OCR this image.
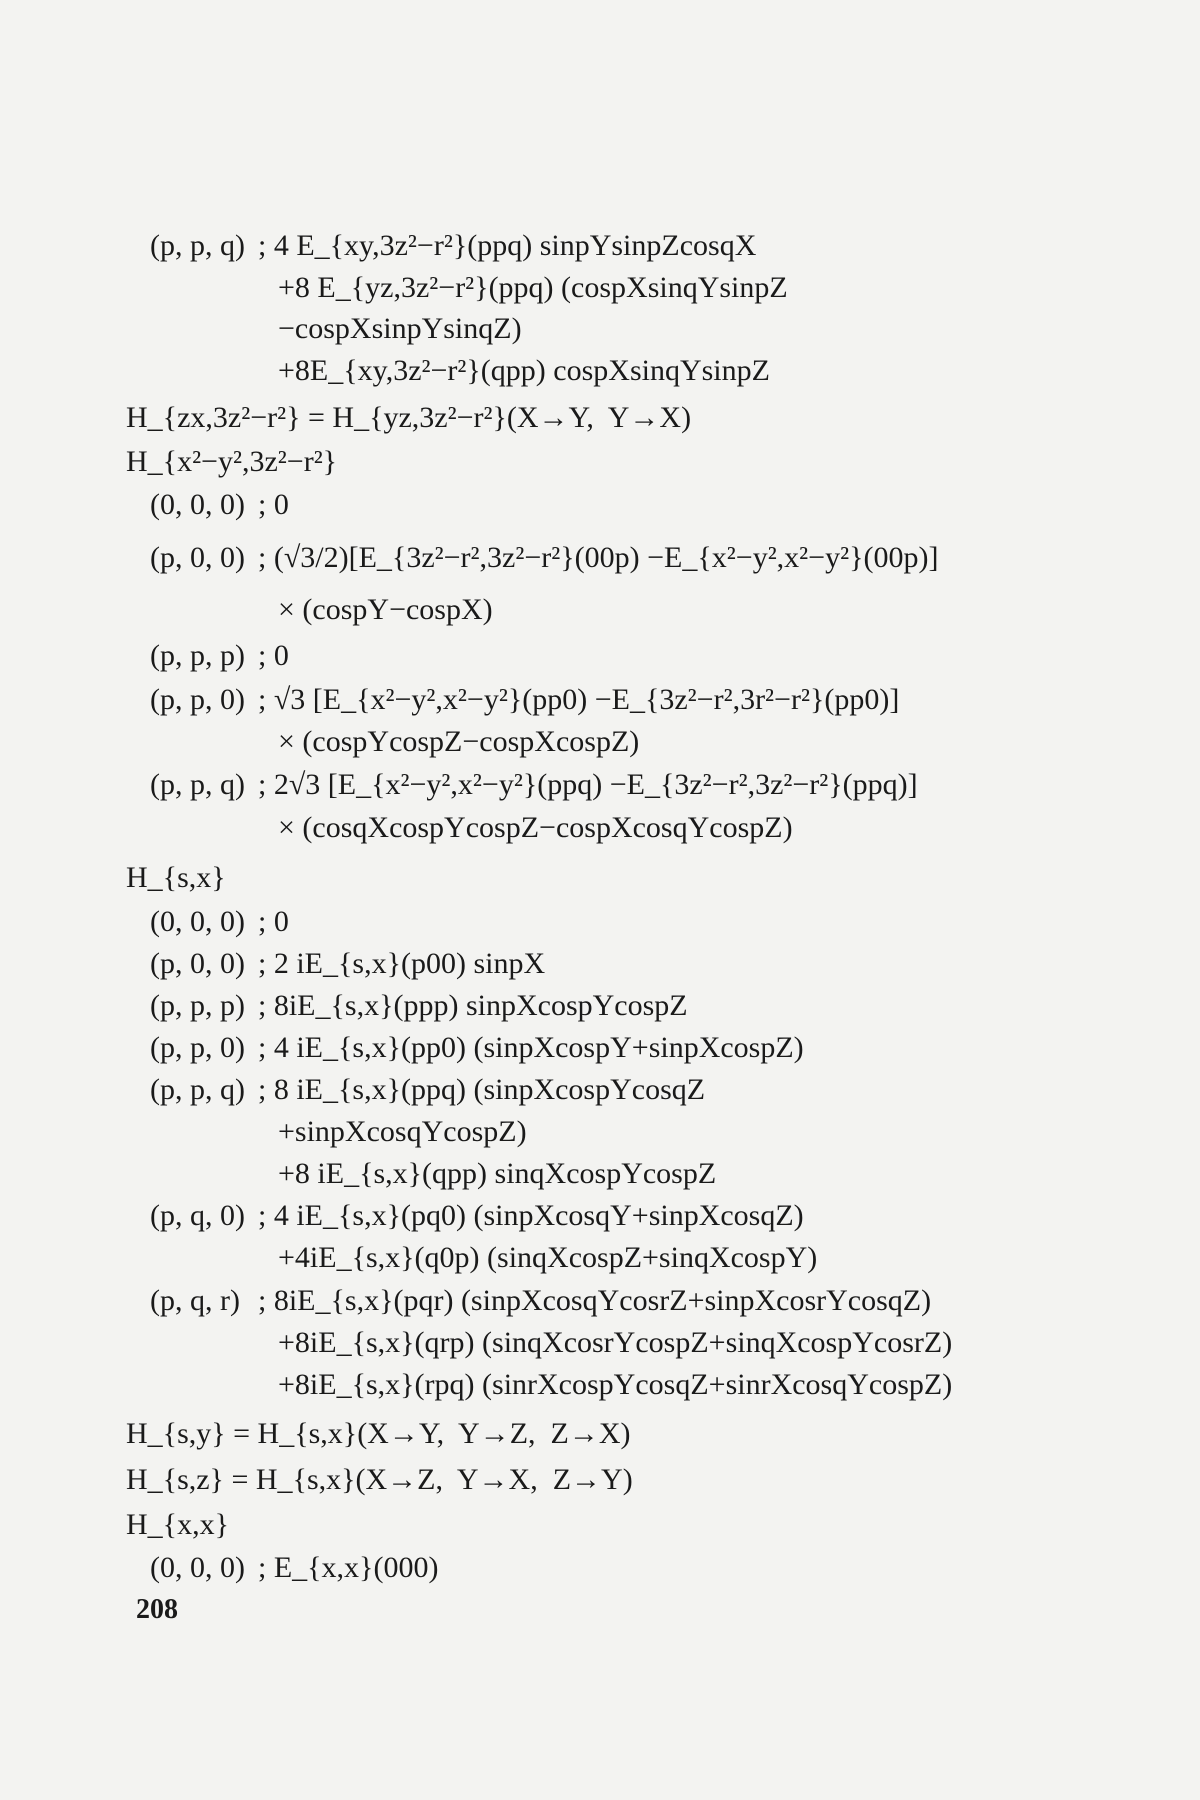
(p, p, q) ; 4 E_{xy,3z²−r²}(ppq) sinpYsinpZcosqX
+8 E_{yz,3z²−r²}(ppq) (cospXsinqYsinpZ
−cospXsinpYsinqZ)
+8E_{xy,3z²−r²}(qpp) cospXsinqYsinpZ
H_{zx,3z²−r²} = H_{yz,3z²−r²}(X→Y,  Y→X)
H_{x²−y²,3z²−r²}
(0, 0, 0) ; 0
(p, 0, 0) ; (√3/2)[E_{3z²−r²,3z²−r²}(00p) −E_{x²−y²,x²−y²}(00p)]
× (cospY−cospX)
(p, p, p) ; 0
(p, p, 0) ; √3 [E_{x²−y²,x²−y²}(pp0) −E_{3z²−r²,3r²−r²}(pp0)]
× (cospYcospZ−cospXcospZ)
(p, p, q) ; 2√3 [E_{x²−y²,x²−y²}(ppq) −E_{3z²−r²,3z²−r²}(ppq)]
× (cosqXcospYcospZ−cospXcosqYcospZ)
H_{s,x}
(0, 0, 0) ; 0
(p, 0, 0) ; 2 iE_{s,x}(p00) sinpX
(p, p, p) ; 8iE_{s,x}(ppp) sinpXcospYcospZ
(p, p, 0) ; 4 iE_{s,x}(pp0) (sinpXcospY+sinpXcospZ)
(p, p, q) ; 8 iE_{s,x}(ppq) (sinpXcospYcosqZ
+sinpXcosqYcospZ)
+8 iE_{s,x}(qpp) sinqXcospYcospZ
(p, q, 0) ; 4 iE_{s,x}(pq0) (sinpXcosqY+sinpXcosqZ)
+4iE_{s,x}(q0p) (sinqXcospZ+sinqXcospY)
(p, q, r) ; 8iE_{s,x}(pqr) (sinpXcosqYcosrZ+sinpXcosrYcosqZ)
+8iE_{s,x}(qrp) (sinqXcosrYcospZ+sinqXcospYcosrZ)
+8iE_{s,x}(rpq) (sinrXcospYcosqZ+sinrXcosqYcospZ)
H_{s,y} = H_{s,x}(X→Y,  Y→Z,  Z→X)
H_{s,z} = H_{s,x}(X→Z,  Y→X,  Z→Y)
H_{x,x}
(0, 0, 0) ; E_{x,x}(000)
208
